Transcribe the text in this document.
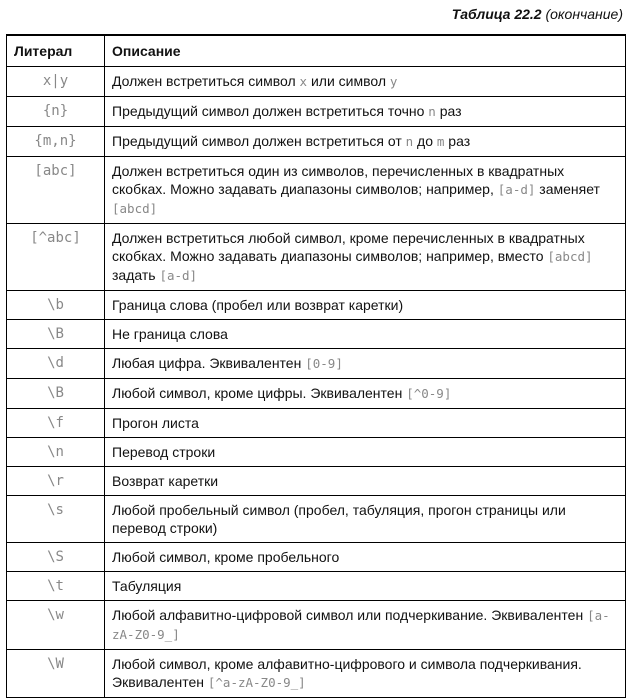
Таблица 22.2 (окончание)
Литерал	Описание
x|y	Должен встретиться символ x или символ y
{n}	Предыдущий символ должен встретиться точно n раз
{m,n}	Предыдущий символ должен встретиться от n до m раз
[abc]	Должен встретиться один из символов, перечисленных в квадратных скобках. Можно задавать диапазоны символов; например, [a-d] заменяет [abcd]
[^abc]	Должен встретиться любой символ, кроме перечисленных в квадратных скобках. Можно задавать диапазоны символов; например, вместо [abcd] задать [a-d]
\b	Граница слова (пробел или возврат каретки)
\B	Не граница слова
\d	Любая цифра. Эквивалентен [0-9]
\B	Любой символ, кроме цифры. Эквивалентен [^0-9]
\f	Прогон листа
\n	Перевод строки
\r	Возврат каретки
\s	Любой пробельный символ (пробел, табуляция, прогон страницы или перевод строки)
\S	Любой символ, кроме пробельного
\t	Табуляция
\w	Любой алфавитно-цифровой символ или подчеркивание. Эквивалентен [a-zA-Z0-9_]
\W	Любой символ, кроме алфавитно-цифрового и символа подчеркивания. Эквивалентен [^a-zA-Z0-9_]
